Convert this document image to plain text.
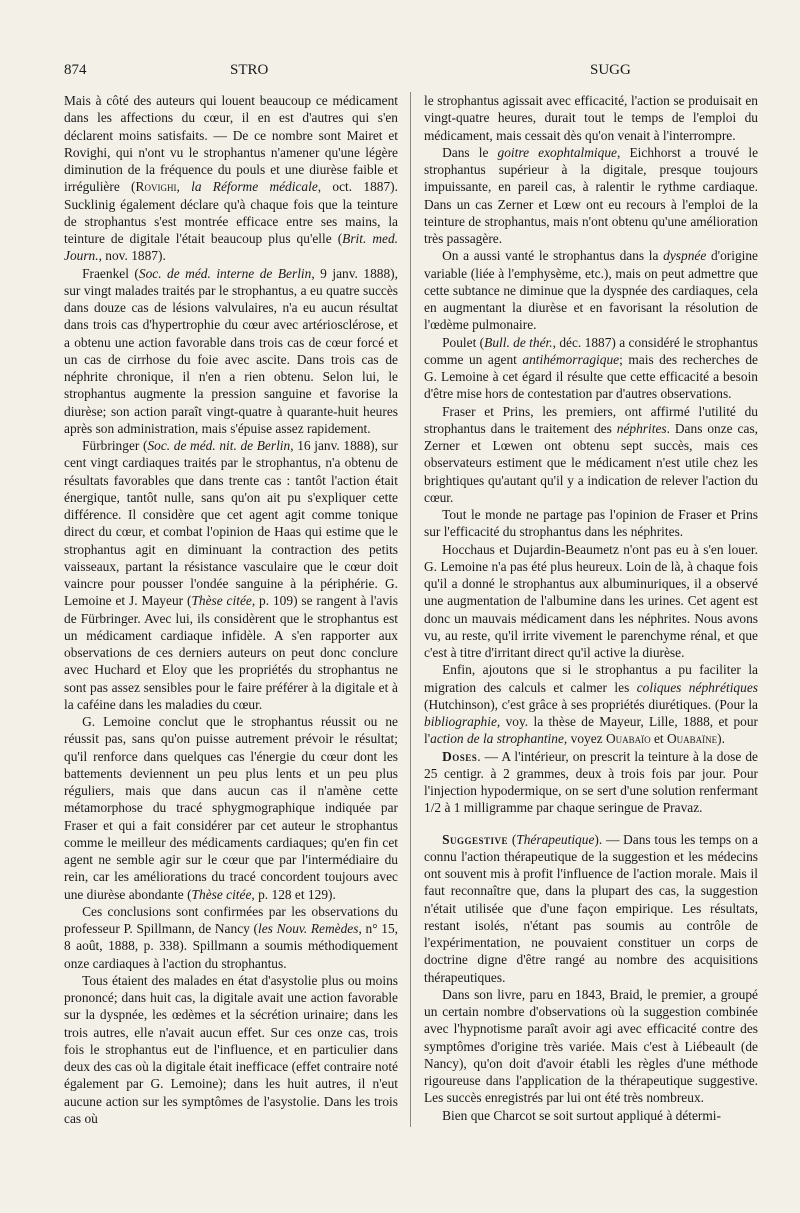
874	STRO	SUGG

Mais à côté des auteurs qui louent beaucoup ce médicament dans les affections du cœur, il en est d'autres qui s'en déclarent moins satisfaits. — De ce nombre sont Mairet et Rovighi, qui n'ont vu le strophantus n'amener qu'une légère diminution de la fréquence du pouls et une diurèse faible et irrégulière (Rovighi, la Réforme médicale, oct. 1887). Sucklinig également déclare qu'à chaque fois que la teinture de strophantus s'est montrée efficace entre ses mains, la teinture de digitale l'était beaucoup plus qu'elle (Brit. med. Journ., nov. 1887).

Fraenkel (Soc. de méd. interne de Berlin, 9 janv. 1888), sur vingt malades traités par le strophantus, a eu quatre succès dans douze cas de lésions valvulaires, n'a eu aucun résultat dans trois cas d'hypertrophie du cœur avec artériosclérose, et a obtenu une action favorable dans trois cas de cœur forcé et un cas de cirrhose du foie avec ascite. Dans trois cas de néphrite chronique, il n'en a rien obtenu. Selon lui, le strophantus augmente la pression sanguine et favorise la diurèse; son action paraît vingt-quatre à quarante-huit heures après son administration, mais s'épuise assez rapidement.

Fürbringer (Soc. de méd. nit. de Berlin, 16 janv. 1888), sur cent vingt cardiaques traités par le strophantus, n'a obtenu de résultats favorables que dans trente cas : tantôt l'action était énergique, tantôt nulle, sans qu'on ait pu s'expliquer cette différence. Il considère que cet agent agit comme tonique direct du cœur, et combat l'opinion de Haas qui estime que le strophantus agit en diminuant la contraction des petits vaisseaux, partant la résistance vasculaire que le cœur doit vaincre pour pousser l'ondée sanguine à la périphérie. G. Lemoine et J. Mayeur (Thèse citée, p. 109) se rangent à l'avis de Fürbringer. Avec lui, ils considèrent que le strophantus est un médicament cardiaque infidèle. A s'en rapporter aux observations de ces derniers auteurs on peut donc conclure avec Huchard et Eloy que les propriétés du strophantus ne sont pas assez sensibles pour le faire préférer à la digitale et à la caféine dans les maladies du cœur.

G. Lemoine conclut que le strophantus réussit ou ne réussit pas, sans qu'on puisse autrement prévoir le résultat; qu'il renforce dans quelques cas l'énergie du cœur dont les battements deviennent un peu plus lents et un peu plus réguliers, mais que dans aucun cas il n'amène cette métamorphose du tracé sphygmographique indiquée par Fraser et qui a fait considérer par cet auteur le strophantus comme le meilleur des médicaments cardiaques; qu'en fin cet agent ne semble agir sur le cœur que par l'intermédiaire du rein, car les améliorations du tracé concordent toujours avec une diurèse abondante (Thèse citée, p. 128 et 129).

Ces conclusions sont confirmées par les observations du professeur P. Spillmann, de Nancy (les Nouv. Remèdes, n° 15, 8 août, 1888, p. 338). Spillmann a soumis méthodiquement onze cardiaques à l'action du strophantus.

Tous étaient des malades en état d'asystolie plus ou moins prononcé; dans huit cas, la digitale avait une action favorable sur la dyspnée, les œdèmes et la sécrétion urinaire; dans les trois autres, elle n'avait aucun effet. Sur ces onze cas, trois fois le strophantus eut de l'influence, et en particulier dans deux des cas où la digitale était inefficace (effet contraire noté également par G. Lemoine); dans les huit autres, il n'eut aucune action sur les symptômes de l'asystolie. Dans les trois cas où

le strophantus agissait avec efficacité, l'action se produisait en vingt-quatre heures, durait tout le temps de l'emploi du médicament, mais cessait dès qu'on venait à l'interrompre.

Dans le goitre exophtalmique, Eichhorst a trouvé le strophantus supérieur à la digitale, presque toujours impuissante, en pareil cas, à ralentir le rythme cardiaque. Dans un cas Zerner et Lœw ont eu recours à l'emploi de la teinture de strophantus, mais n'ont obtenu qu'une amélioration très passagère.

On a aussi vanté le strophantus dans la dyspnée d'origine variable (liée à l'emphysème, etc.), mais on peut admettre que cette subtance ne diminue que la dyspnée des cardiaques, cela en augmentant la diurèse et en favorisant la résolution de l'œdème pulmonaire.

Poulet (Bull. de thér., déc. 1887) a considéré le strophantus comme un agent antihémorragique; mais des recherches de G. Lemoine à cet égard il résulte que cette efficacité a besoin d'être mise hors de contestation par d'autres observations.

Fraser et Prins, les premiers, ont affirmé l'utilité du strophantus dans le traitement des néphrites. Dans onze cas, Zerner et Lœwen ont obtenu sept succès, mais ces observateurs estiment que le médicament n'est utile chez les brightiques qu'autant qu'il y a indication de relever l'action du cœur.

Tout le monde ne partage pas l'opinion de Fraser et Prins sur l'efficacité du strophantus dans les néphrites.

Hocchaus et Dujardin-Beaumetz n'ont pas eu à s'en louer. G. Lemoine n'a pas été plus heureux. Loin de là, à chaque fois qu'il a donné le strophantus aux albuminuriques, il a observé une augmentation de l'albumine dans les urines. Cet agent est donc un mauvais médicament dans les néphrites. Nous avons vu, au reste, qu'il irrite vivement le parenchyme rénal, et que c'est à titre d'irritant direct qu'il active la diurèse.

Enfin, ajoutons que si le strophantus a pu faciliter la migration des calculs et calmer les coliques néphrétiques (Hutchinson), c'est grâce à ses propriétés diurétiques. (Pour la bibliographie, voy. la thèse de Mayeur, Lille, 1888, et pour l'action de la strophantine, voyez Ouabaïo et Ouabaïne).

Doses. — A l'intérieur, on prescrit la teinture à la dose de 25 centigr. à 2 grammes, deux à trois fois par jour. Pour l'injection hypodermique, on se sert d'une solution renfermant 1/2 à 1 milligramme par chaque seringue de Pravaz.

Suggestive (Thérapeutique). — Dans tous les temps on a connu l'action thérapeutique de la suggestion et les médecins ont souvent mis à profit l'influence de l'action morale. Mais il faut reconnaître que, dans la plupart des cas, la suggestion n'était utilisée que d'une façon empirique. Les résultats, restant isolés, n'étant pas soumis au contrôle de l'expérimentation, ne pouvaient constituer un corps de doctrine digne d'être rangé au nombre des acquisitions thérapeutiques.

Dans son livre, paru en 1843, Braid, le premier, a groupé un certain nombre d'observations où la suggestion combinée avec l'hypnotisme paraît avoir agi avec efficacité contre des symptômes d'origine très variée. Mais c'est à Liébeault (de Nancy), qu'on doit d'avoir établi les règles d'une méthode rigoureuse dans l'application de la thérapeutique suggestive. Les succès enregistrés par lui ont été très nombreux.

Bien que Charcot se soit surtout appliqué à détermi-
